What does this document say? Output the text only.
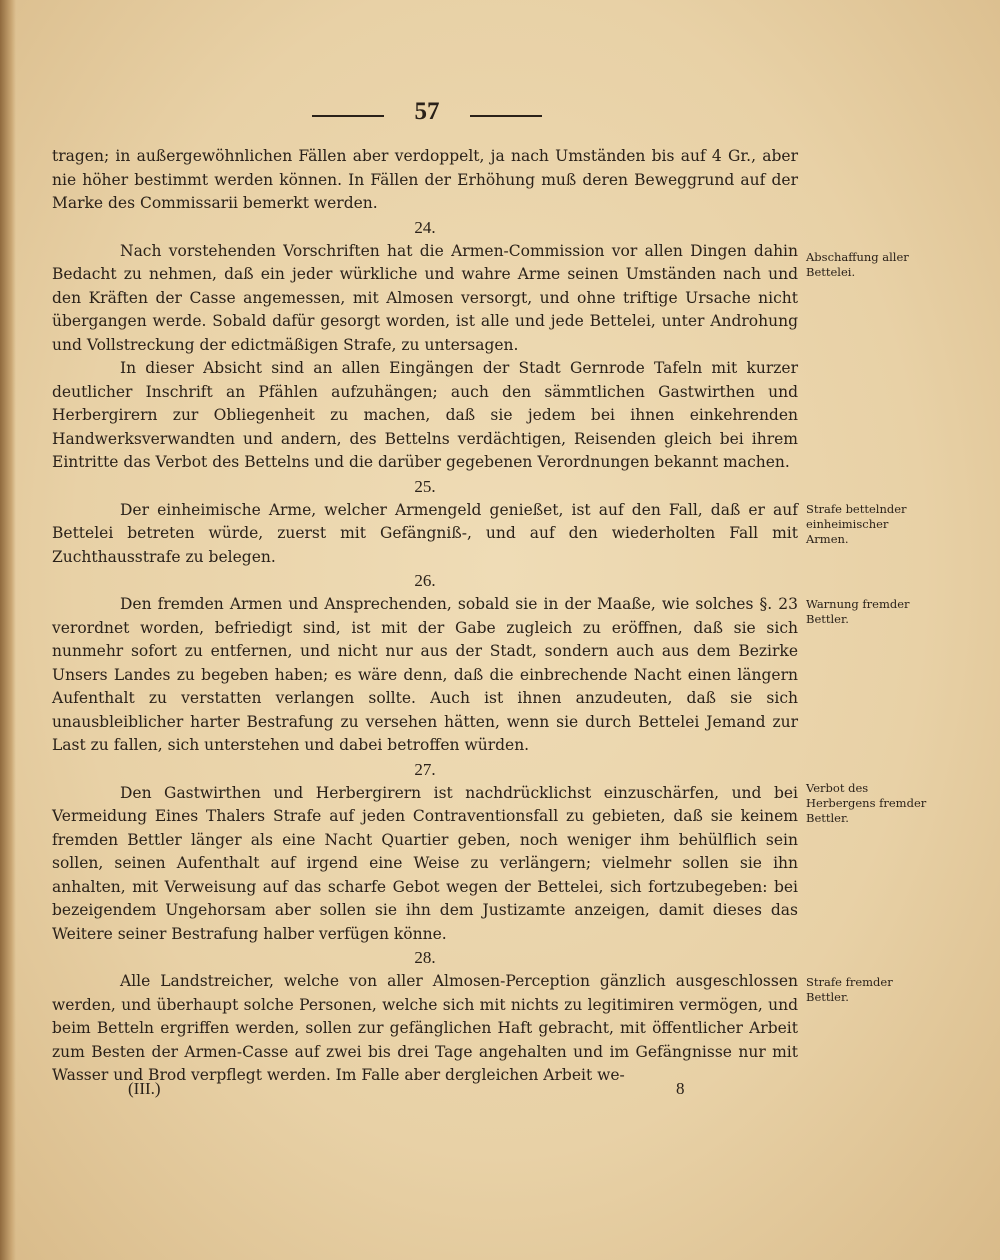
57

tragen; in außergewöhnlichen Fällen aber verdoppelt, ja nach Umständen bis auf 4 Gr., aber nie höher bestimmt werden können. In Fällen der Erhöhung muß deren Beweggrund auf der Marke des Commissarii bemerkt werden.

24.

Nach vorstehenden Vorschriften hat die Armen-Commission vor allen Dingen dahin Bedacht zu nehmen, daß ein jeder würkliche und wahre Arme seinen Umständen nach und den Kräften der Casse angemessen, mit Almosen versorgt, und ohne triftige Ursache nicht übergangen werde. Sobald dafür gesorgt worden, ist alle und jede Bettelei, unter Androhung und Vollstreckung der edictmäßigen Strafe, zu untersagen.

In dieser Absicht sind an allen Eingängen der Stadt Gernrode Tafeln mit kurzer deutlicher Inschrift an Pfählen aufzuhängen; auch den sämmtlichen Gastwirthen und Herbergirern zur Obliegenheit zu machen, daß sie jedem bei ihnen einkehrenden Handwerksverwandten und andern, des Bettelns verdächtigen, Reisenden gleich bei ihrem Eintritte das Verbot des Bettelns und die darüber gegebenen Verordnungen bekannt machen.

25.

Der einheimische Arme, welcher Armengeld genießet, ist auf den Fall, daß er auf Bettelei betreten würde, zuerst mit Gefängniß-, und auf den wiederholten Fall mit Zuchthausstrafe zu belegen.

26.

Den fremden Armen und Ansprechenden, sobald sie in der Maaße, wie solches §. 23 verordnet worden, befriedigt sind, ist mit der Gabe zugleich zu eröffnen, daß sie sich nunmehr sofort zu entfernen, und nicht nur aus der Stadt, sondern auch aus dem Bezirke Unsers Landes zu begeben haben; es wäre denn, daß die einbrechende Nacht einen längern Aufenthalt zu verstatten verlangen sollte. Auch ist ihnen anzudeuten, daß sie sich unausbleiblicher harter Bestrafung zu versehen hätten, wenn sie durch Bettelei Jemand zur Last zu fallen, sich unterstehen und dabei betroffen würden.

27.

Den Gastwirthen und Herbergirern ist nachdrücklichst einzuschärfen, und bei Vermeidung Eines Thalers Strafe auf jeden Contraventionsfall zu gebieten, daß sie keinem fremden Bettler länger als eine Nacht Quartier geben, noch weniger ihm behülflich sein sollen, seinen Aufenthalt auf irgend eine Weise zu verlängern; vielmehr sollen sie ihn anhalten, mit Verweisung auf das scharfe Gebot wegen der Bettelei, sich fortzubegeben: bei bezeigendem Ungehorsam aber sollen sie ihn dem Justizamte anzeigen, damit dieses das Weitere seiner Bestrafung halber verfügen könne.

28.

Alle Landstreicher, welche von aller Almosen-Perception gänzlich ausgeschlossen werden, und überhaupt solche Personen, welche sich mit nichts zu legitimiren vermögen, und beim Betteln ergriffen werden, sollen zur gefänglichen Haft gebracht, mit öffentlicher Arbeit zum Besten der Armen-Casse auf zwei bis drei Tage angehalten und im Gefängnisse nur mit Wasser und Brod verpflegt werden. Im Falle aber dergleichen Arbeit we-

Abschaffung aller Bettelei.
Strafe bettelnder einheimischer Armen.
Warnung fremder Bettler.
Verbot des Herbergens fremder Bettler.
Strafe fremder Bettler.
(III.)	8
